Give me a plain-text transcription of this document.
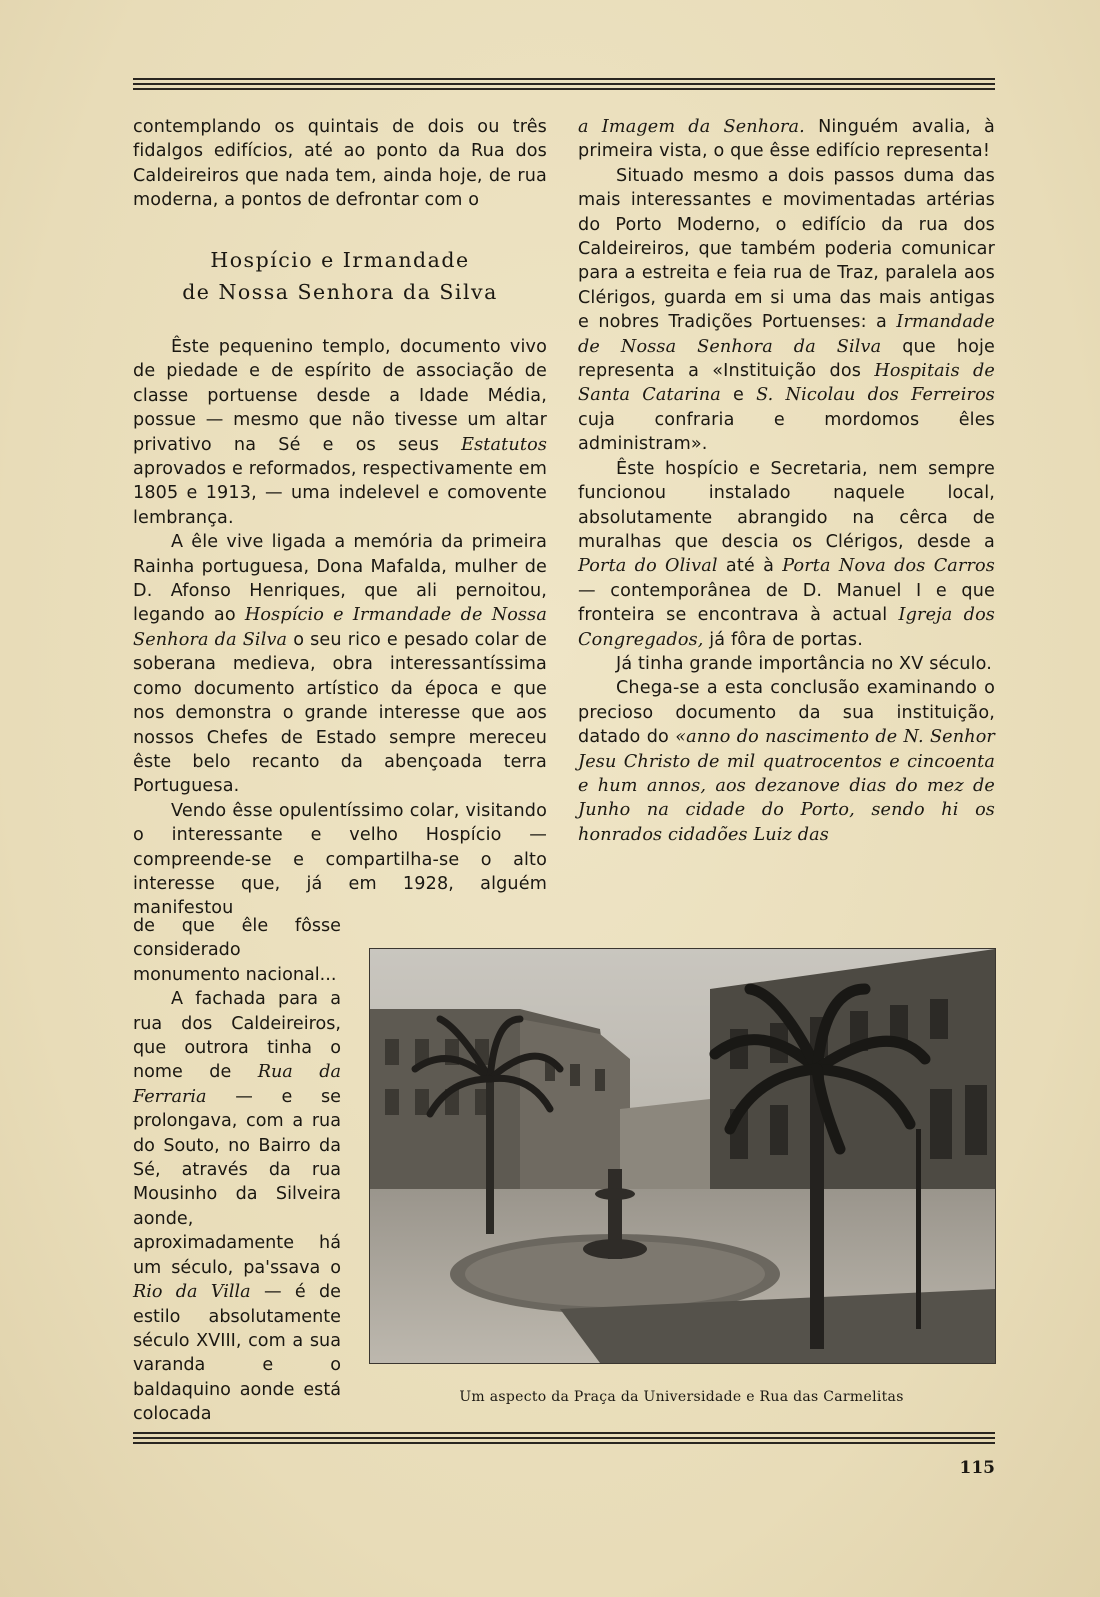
contemplando os quintais de dois ou três fidalgos edifícios, até ao ponto da Rua dos Caldeireiros que nada tem, ainda hoje, de rua moderna, a pontos de defrontar com o

Hospício e Irmandade
de Nossa Senhora da Silva

Êste pequenino templo, documento vivo de piedade e de espírito de associação de classe portuense desde a Idade Média, possue — mesmo que não tivesse um altar privativo na Sé e os seus Estatutos aprovados e reformados, respectivamente em 1805 e 1913, — uma indelevel e comovente lembrança.

A êle vive ligada a memória da primeira Rainha portuguesa, Dona Mafalda, mulher de D. Afonso Henriques, que ali pernoitou, legando ao Hospício e Irmandade de Nossa Senhora da Silva o seu rico e pesado colar de soberana medieva, obra interessantíssima como documento artístico da época e que nos demonstra o grande interesse que aos nossos Chefes de Estado sempre mereceu êste belo recanto da abençoada terra Portuguesa.

Vendo êsse opulentíssimo colar, visitando o interessante e velho Hospício — compreende-se e compartilha-se o alto interesse que, já em 1928, alguém manifestou

de que êle fôsse considerado monumento nacional...

A fachada para a rua dos Caldeireiros, que outrora tinha o nome de Rua da Ferraria — e se prolongava, com a rua do Souto, no Bairro da Sé, através da rua Mousinho da Silveira aonde, aproximadamente há um século, pa'ssava o Rio da Villa — é de estilo absolutamente século XVIII, com a sua varanda e o baldaquino aonde está colocada

a Imagem da Senhora. Ninguém avalia, à primeira vista, o que êsse edifício representa!

Situado mesmo a dois passos duma das mais interessantes e movimentadas artérias do Porto Moderno, o edifício da rua dos Caldeireiros, que também poderia comunicar para a estreita e feia rua de Traz, paralela aos Clérigos, guarda em si uma das mais antigas e nobres Tradições Portuenses: a Irmandade de Nossa Senhora da Silva que hoje representa a «Instituição dos Hospitais de Santa Catarina e S. Nicolau dos Ferreiros cuja confraria e mordomos êles administram».

Êste hospício e Secretaria, nem sempre funcionou instalado naquele local, absolutamente abrangido na cêrca de muralhas que descia os Clérigos, desde a Porta do Olival até à Porta Nova dos Carros — contemporânea de D. Manuel I e que fronteira se encontrava à actual Igreja dos Congregados, já fôra de portas.

Já tinha grande importância no XV século.

Chega-se a esta conclusão examinando o precioso documento da sua instituição, datado do «anno do nascimento de N. Senhor Jesu Christo de mil quatrocentos e cincoenta e hum annos, aos dezanove dias do mez de Junho na cidade do Porto, sendo hi os honrados cidadões Luiz das

Um aspecto da Praça da Universidade e Rua das Carmelitas
115
